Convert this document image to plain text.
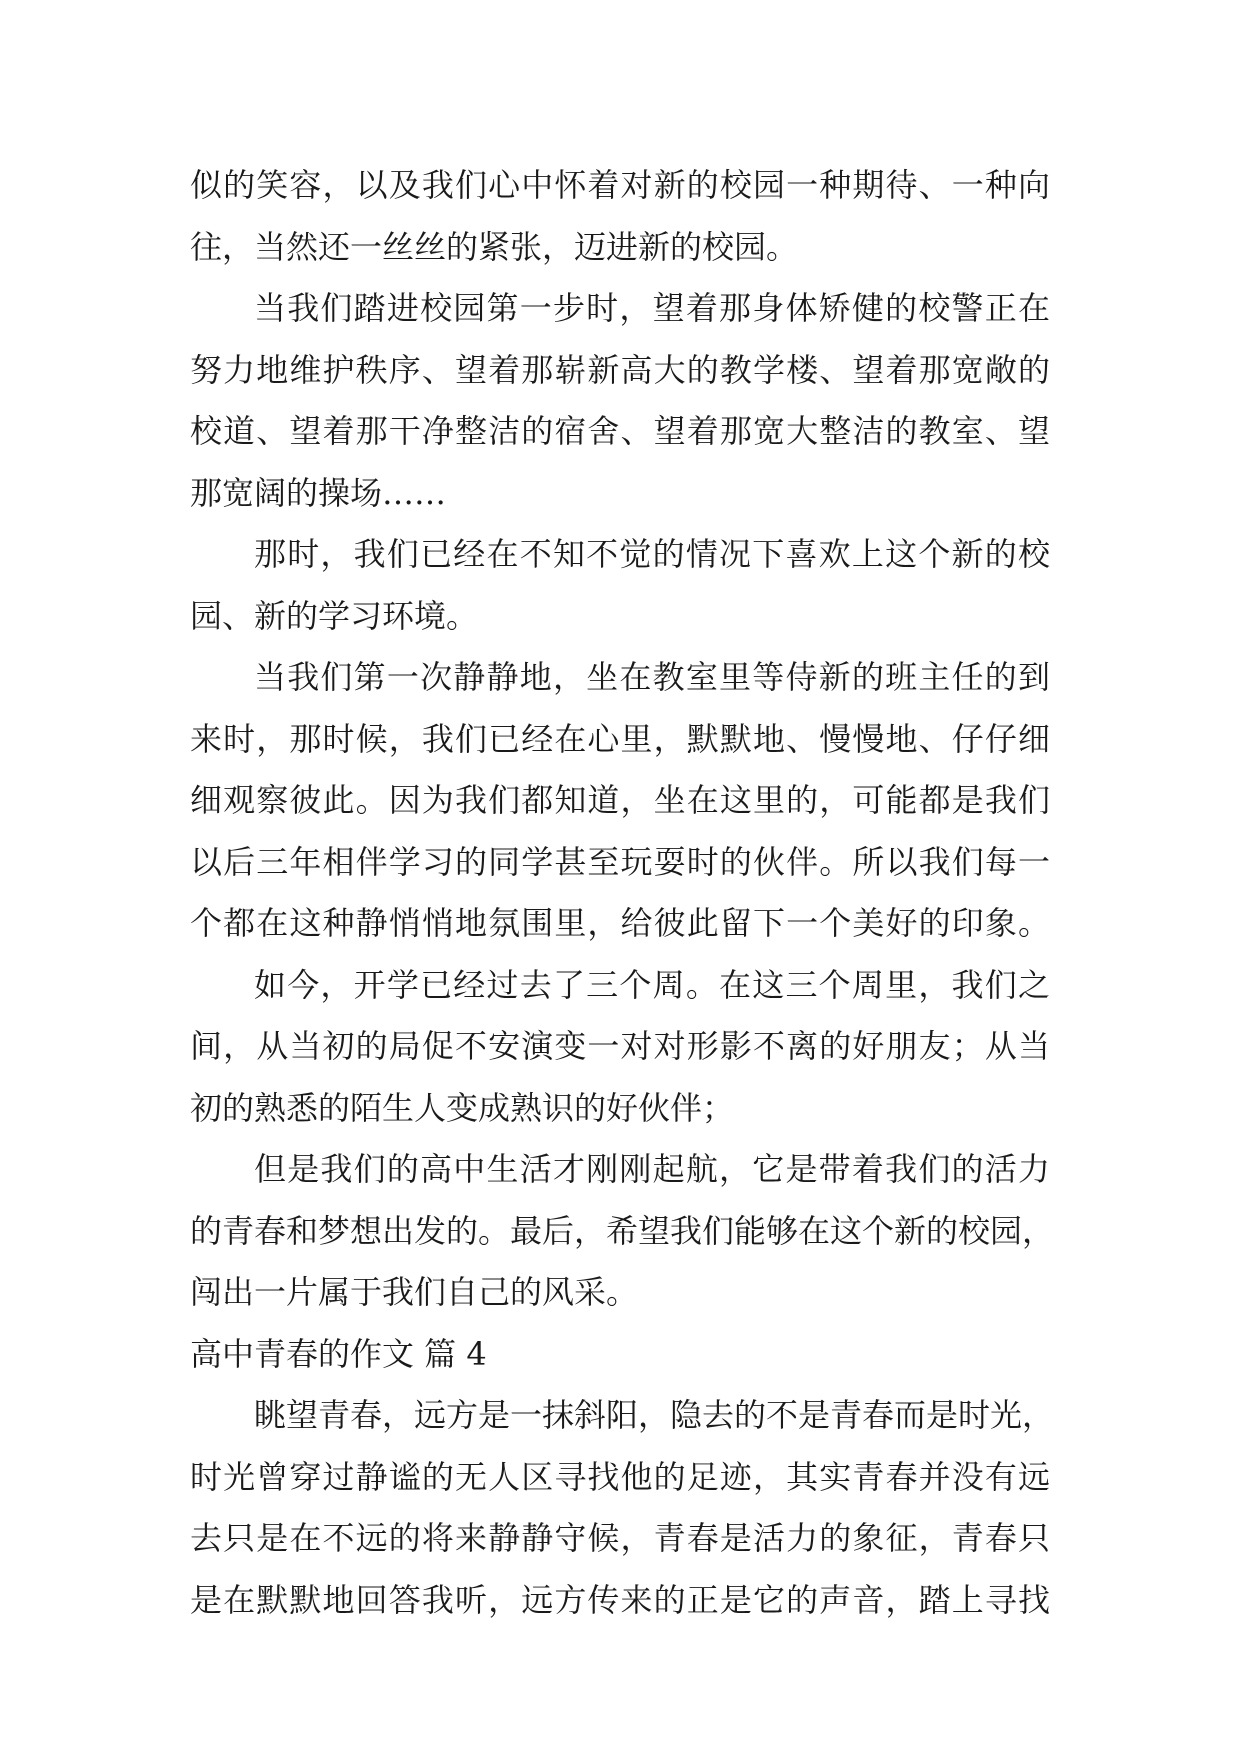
似的笑容，以及我们心中怀着对新的校园一种期待、一种向
往，当然还一丝丝的紧张，迈进新的校园。
当我们踏进校园第一步时，望着那身体矫健的校警正在
努力地维护秩序、望着那崭新高大的教学楼、望着那宽敞的
校道、望着那干净整洁的宿舍、望着那宽大整洁的教室、望
那宽阔的操场……
那时，我们已经在不知不觉的情况下喜欢上这个新的校
园、新的学习环境。
当我们第一次静静地，坐在教室里等侍新的班主任的到
来时，那时候，我们已经在心里，默默地、慢慢地、仔仔细
细观察彼此。因为我们都知道，坐在这里的，可能都是我们
以后三年相伴学习的同学甚至玩耍时的伙伴。所以我们每一
个都在这种静悄悄地氛围里，给彼此留下一个美好的印象。
如今，开学已经过去了三个周。在这三个周里，我们之
间，从当初的局促不安演变一对对形影不离的好朋友；从当
初的熟悉的陌生人变成熟识的好伙伴；
但是我们的高中生活才刚刚起航，它是带着我们的活力
的青春和梦想出发的。最后，希望我们能够在这个新的校园，
闯出一片属于我们自己的风采。
高中青春的作文 篇 4
眺望青春，远方是一抹斜阳，隐去的不是青春而是时光，
时光曾穿过静谧的无人区寻找他的足迹，其实青春并没有远
去只是在不远的将来静静守候，青春是活力的象征，青春只
是在默默地回答我听，远方传来的正是它的声音，踏上寻找
